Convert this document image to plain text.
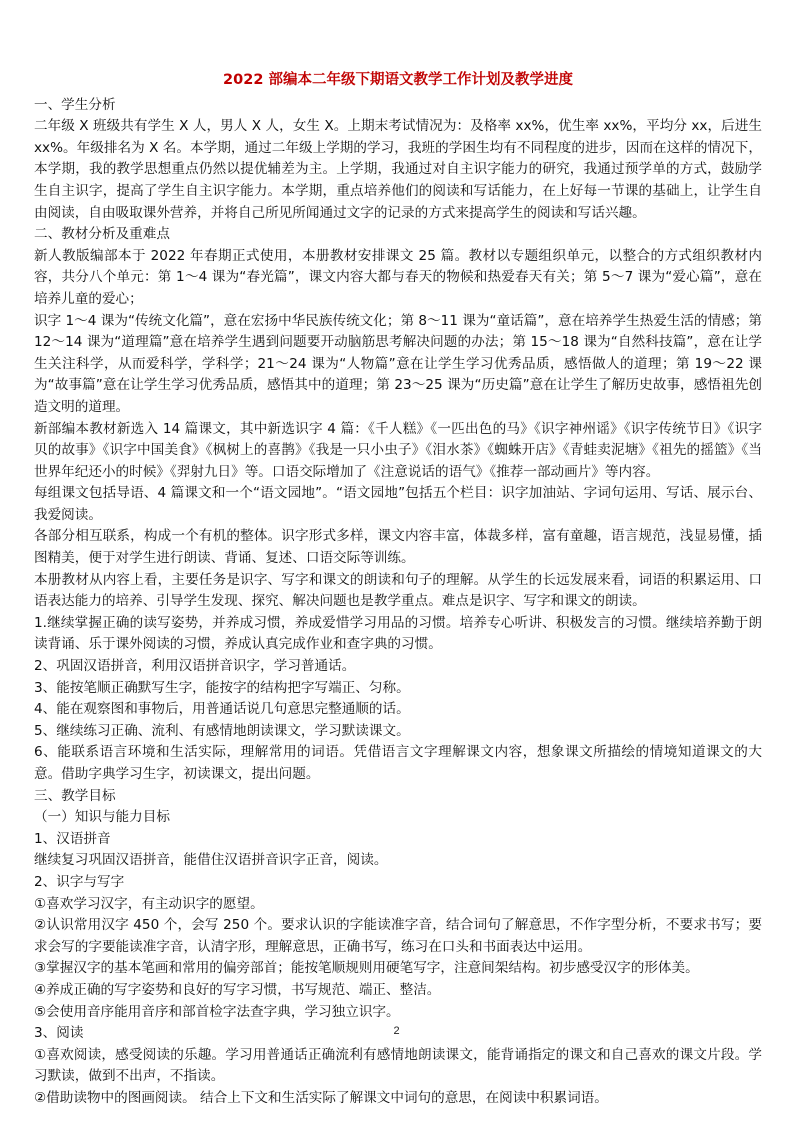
2022 部编本二年级下期语文教学工作计划及教学进度

一、学生分析

二年级 X 班级共有学生 X 人，男人 X 人，女生 X。上期末考试情况为：及格率 xx%，优生率 xx%，平均分 xx，后进生 xx%。年级排名为 X 名。本学期，通过二年级上学期的学习，我班的学困生均有不同程度的进步，因而在这样的情况下，本学期，我的教学思想重点仍然以提优辅差为主。上学期，我通过对自主识字能力的研究，我通过预学单的方式，鼓励学生自主识字，提高了学生自主识字能力。本学期，重点培养他们的阅读和写话能力，在上好每一节课的基础上，让学生自由阅读，自由吸取课外营养，并将自己所见所闻通过文字的记录的方式来提高学生的阅读和写话兴趣。

二、教材分析及重难点

新人教版编部本于 2022 年春期正式使用，本册教材安排课文 25 篇。教材以专题组织单元，以整合的方式组织教材内容，共分八个单元：第 1～4 课为“春光篇”，课文内容大都与春天的物候和热爱春天有关；第 5～7 课为“爱心篇”，意在培养儿童的爱心；

识字 1～4 课为“传统文化篇”，意在宏扬中华民族传统文化；第 8～11 课为“童话篇”，意在培养学生热爱生活的情感；第 12～14 课为“道理篇”意在培养学生遇到问题要开动脑筋思考解决问题的办法；第 15～18 课为“自然科技篇”，意在让学生关注科学，从而爱科学，学科学；21～24 课为“人物篇”意在让学生学习优秀品质，感悟做人的道理；第 19～22 课为“故事篇”意在让学生学习优秀品质，感悟其中的道理；第 23～25 课为“历史篇”意在让学生了解历史故事，感悟祖先创造文明的道理。

新部编本教材新选入 14 篇课文，其中新选识字 4 篇：《千人糕》《一匹出色的马》《识字神州谣》《识字传统节日》《识字贝的故事》《识字中国美食》《枫树上的喜鹊》《我是一只小虫子》《泪水茶》《蜘蛛开店》《青蛙卖泥塘》《祖先的摇篮》《当世界年纪还小的时候》《羿射九日》等。口语交际增加了《注意说话的语气》《推荐一部动画片》等内容。

每组课文包括导语、4 篇课文和一个“语文园地”。“语文园地”包括五个栏目：识字加油站、字词句运用、写话、展示台、我爱阅读。

各部分相互联系，构成一个有机的整体。识字形式多样，课文内容丰富，体裁多样，富有童趣，语言规范，浅显易懂，插图精美，便于对学生进行朗读、背诵、复述、口语交际等训练。

本册教材从内容上看，主要任务是识字、写字和课文的朗读和句子的理解。从学生的长远发展来看，词语的积累运用、口语表达能力的培养、引导学生发现、探究、解决问题也是教学重点。难点是识字、写字和课文的朗读。

1.继续掌握正确的读写姿势，并养成习惯，养成爱惜学习用品的习惯。培养专心听讲、积极发言的习惯。继续培养勤于朗读背诵、乐于课外阅读的习惯，养成认真完成作业和查字典的习惯。

2、巩固汉语拼音，利用汉语拼音识字，学习普通话。

3、能按笔顺正确默写生字，能按字的结构把字写端正、匀称。

4、能在观察图和事物后，用普通话说几句意思完整通顺的话。

5、继续练习正确、流利、有感情地朗读课文，学习默读课文。

6、能联系语言环境和生活实际，理解常用的词语。凭借语言文字理解课文内容，想象课文所描绘的情境知道课文的大意。借助字典学习生字，初读课文，提出问题。

三、教学目标

（一）知识与能力目标

1、汉语拼音

继续复习巩固汉语拼音，能借住汉语拼音识字正音，阅读。

2、识字与写字

①喜欢学习汉字，有主动识字的愿望。

②认识常用汉字 450 个，会写 250 个。要求认识的字能读准字音，结合词句了解意思，不作字型分析，不要求书写；要求会写的字要能读准字音，认清字形，理解意思，正确书写，练习在口头和书面表达中运用。

③掌握汉字的基本笔画和常用的偏旁部首；能按笔顺规则用硬笔写字，注意间架结构。初步感受汉字的形体美。

④养成正确的写字姿势和良好的写字习惯，书写规范、端正、整洁。

⑤会使用音序能用音序和部首检字法查字典，学习独立识字。

3、阅读

①喜欢阅读，感受阅读的乐趣。学习用普通话正确流利有感情地朗读课文，能背诵指定的课文和自己喜欢的课文片段。学习默读，做到不出声，不指读。

②借助读物中的图画阅读。 结合上下文和生活实际了解课文中词句的意思，在阅读中积累词语。

2
